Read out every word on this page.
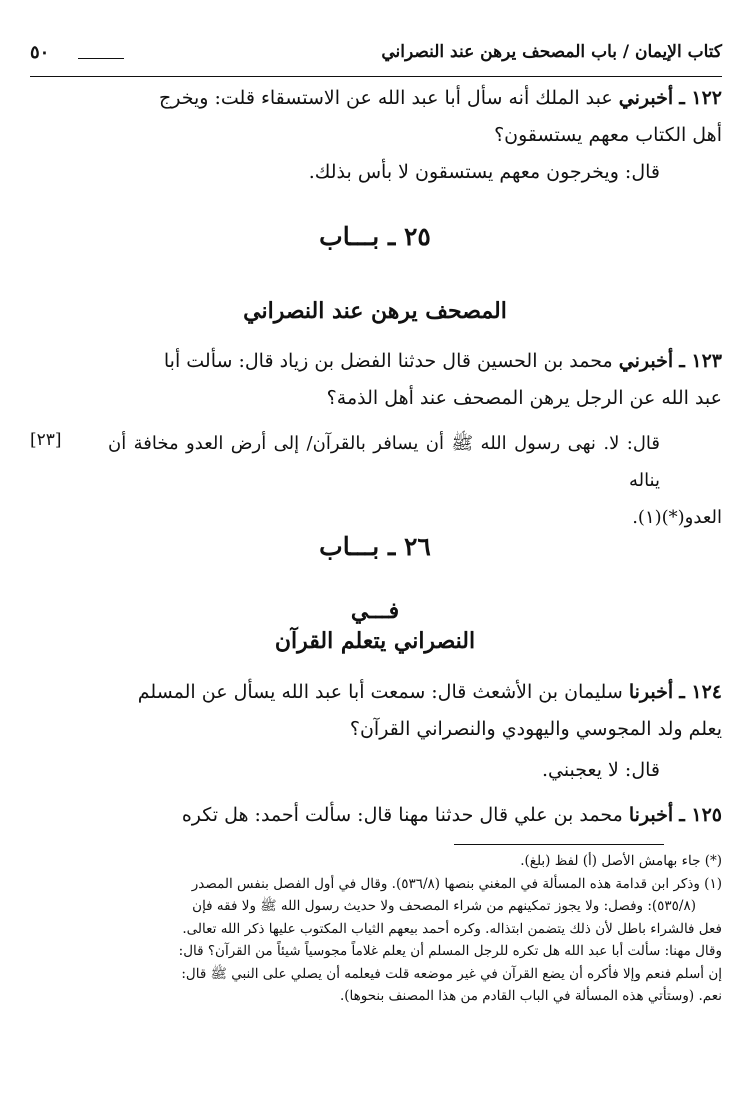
٥٠	كتاب الإيمان / باب المصحف يرهن عند النصراني
١٢٢ ـ أخبرني عبد الملك أنه سأل أبا عبد الله عن الاستسقاء قلت: ويخرج
أهل الكتاب معهم يستسقون؟
قال: ويخرجون معهم يستسقون لا بأس بذلك.
٢٥ ـ بـــاب
المصحف يرهن عند النصراني
١٢٣ ـ أخبرني محمد بن الحسين قال حدثنا الفضل بن زياد قال: سألت أبا
عبد الله عن الرجل يرهن المصحف عند أهل الذمة؟
قال: لا. نهى رسول الله ﷺ أن يسافر بالقرآن/ إلى أرض العدو مخافة أن يناله
العدو(*)(١).
[٢٣]
٢٦ ـ بـــاب
فـــي
النصراني يتعلم القرآن
١٢٤ ـ أخبرنا سليمان بن الأشعث قال: سمعت أبا عبد الله يسأل عن المسلم
يعلم ولد المجوسي واليهودي والنصراني القرآن؟
قال: لا يعجبني.
١٢٥ ـ أخبرنا محمد بن علي قال حدثنا مهنا قال: سألت أحمد: هل تكره
(*) جاء بهامش الأصل (أ) لفظ (بلغ).
(١) وذكر ابن قدامة هذه المسألة في المغني بنصها (٥٣٦/٨). وقال في أول الفصل بنفس المصدر
(٥٣٥/٨): وفصل: ولا يجوز تمكينهم من شراء المصحف ولا حديث رسول الله ﷺ ولا فقه فإن
فعل فالشراء باطل لأن ذلك يتضمن ابتذاله. وكره أحمد بيعهم الثياب المكتوب عليها ذكر الله تعالى.
وقال مهنا: سألت أبا عبد الله هل تكره للرجل المسلم أن يعلم غلاماً مجوسياً شيئاً من القرآن؟ قال:
إن أسلم فنعم وإلا فأكره أن يضع القرآن في غير موضعه قلت فيعلمه أن يصلي على النبي ﷺ قال:
نعم. (وستأتي هذه المسألة في الباب القادم من هذا المصنف بنحوها).
